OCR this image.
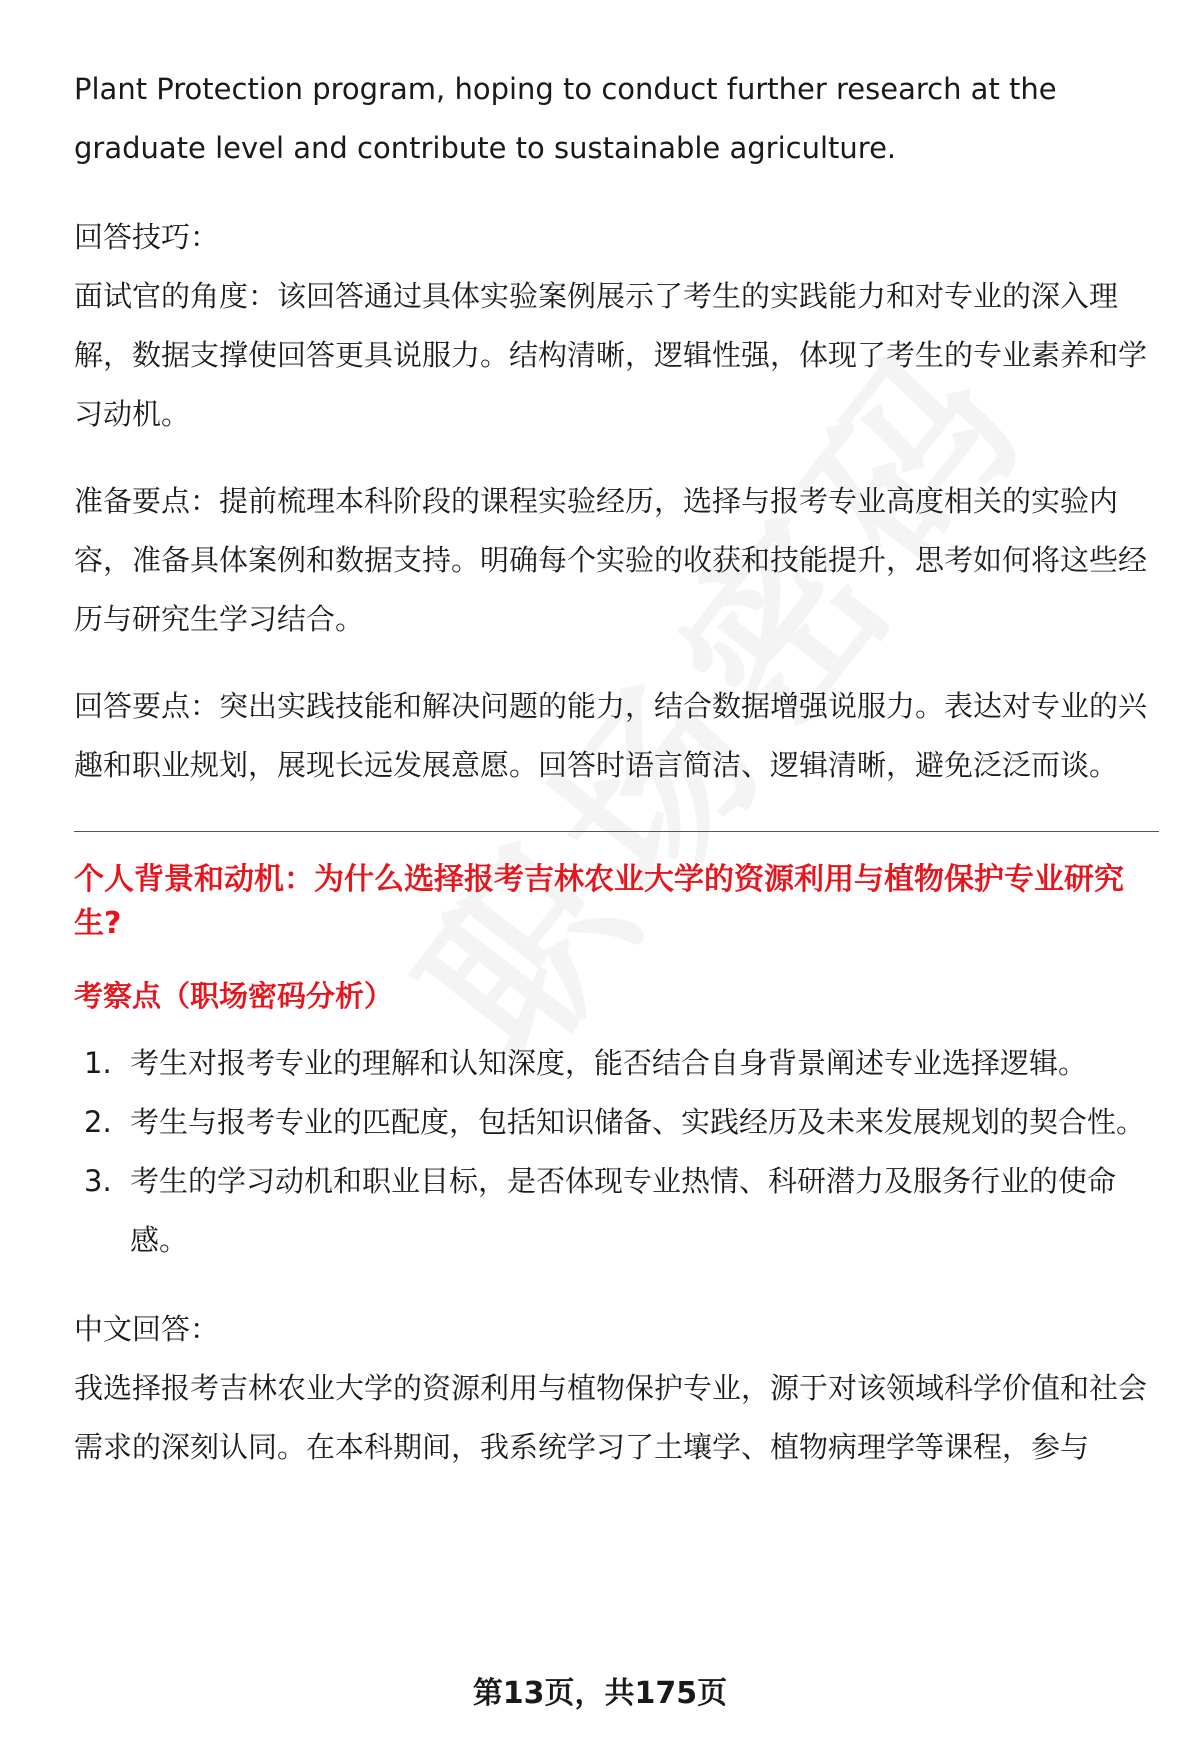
Plant Protection program, hoping to conduct further research at the graduate level and contribute to sustainable agriculture.

回答技巧：

面试官的角度：该回答通过具体实验案例展示了考生的实践能力和对专业的深入理解，数据支撑使回答更具说服力。结构清晰，逻辑性强，体现了考生的专业素养和学习动机。

准备要点：提前梳理本科阶段的课程实验经历，选择与报考专业高度相关的实验内容，准备具体案例和数据支持。明确每个实验的收获和技能提升，思考如何将这些经历与研究生学习结合。

回答要点：突出实践技能和解决问题的能力，结合数据增强说服力。表达对专业的兴趣和职业规划，展现长远发展意愿。回答时语言简洁、逻辑清晰，避免泛泛而谈。

个人背景和动机：为什么选择报考吉林农业大学的资源利用与植物保护专业研究生?

考察点（职场密码分析）

1. 考生对报考专业的理解和认知深度，能否结合自身背景阐述专业选择逻辑。
2. 考生与报考专业的匹配度，包括知识储备、实践经历及未来发展规划的契合性。
3. 考生的学习动机和职业目标，是否体现专业热情、科研潜力及服务行业的使命感。

中文回答：

我选择报考吉林农业大学的资源利用与植物保护专业，源于对该领域科学价值和社会需求的深刻认同。在本科期间，我系统学习了土壤学、植物病理学等课程，参与

第13页，共175页
